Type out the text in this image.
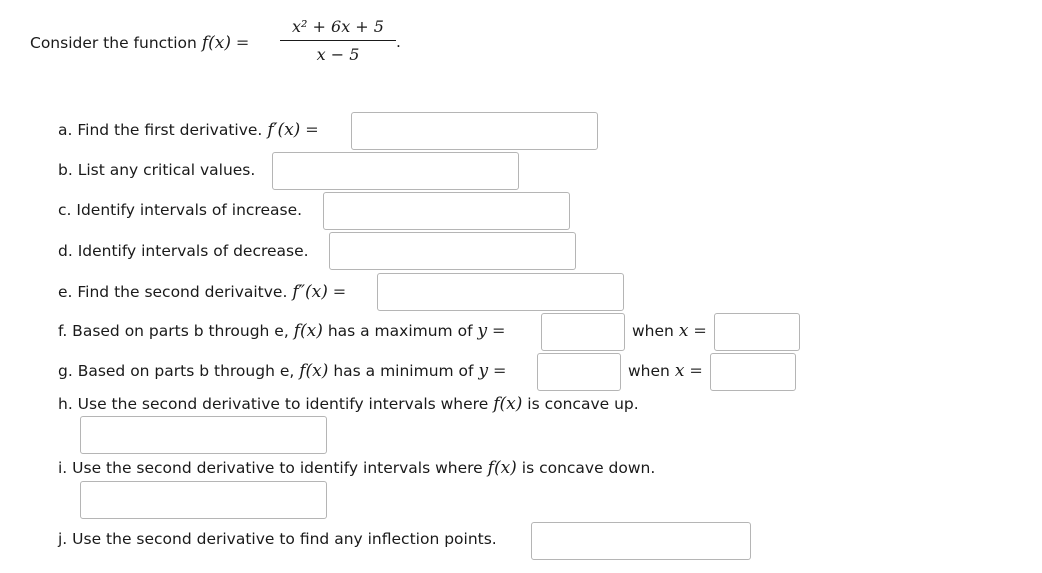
Consider the function f(x) =
x² + 6x + 5
x − 5
.
a. Find the first derivative. f′(x) =
b. List any critical values.
c. Identify intervals of increase.
d. Identify intervals of decrease.
e. Find the second derivaitve. f″(x) =
f. Based on parts b through e, f(x) has a maximum of y =	when x =
g. Based on parts b through e, f(x) has a minimum of y =	when x =
h. Use the second derivative to identify intervals where f(x) is concave up.
i. Use the second derivative to identify intervals where f(x) is concave down.
j. Use the second derivative to find any inflection points.
